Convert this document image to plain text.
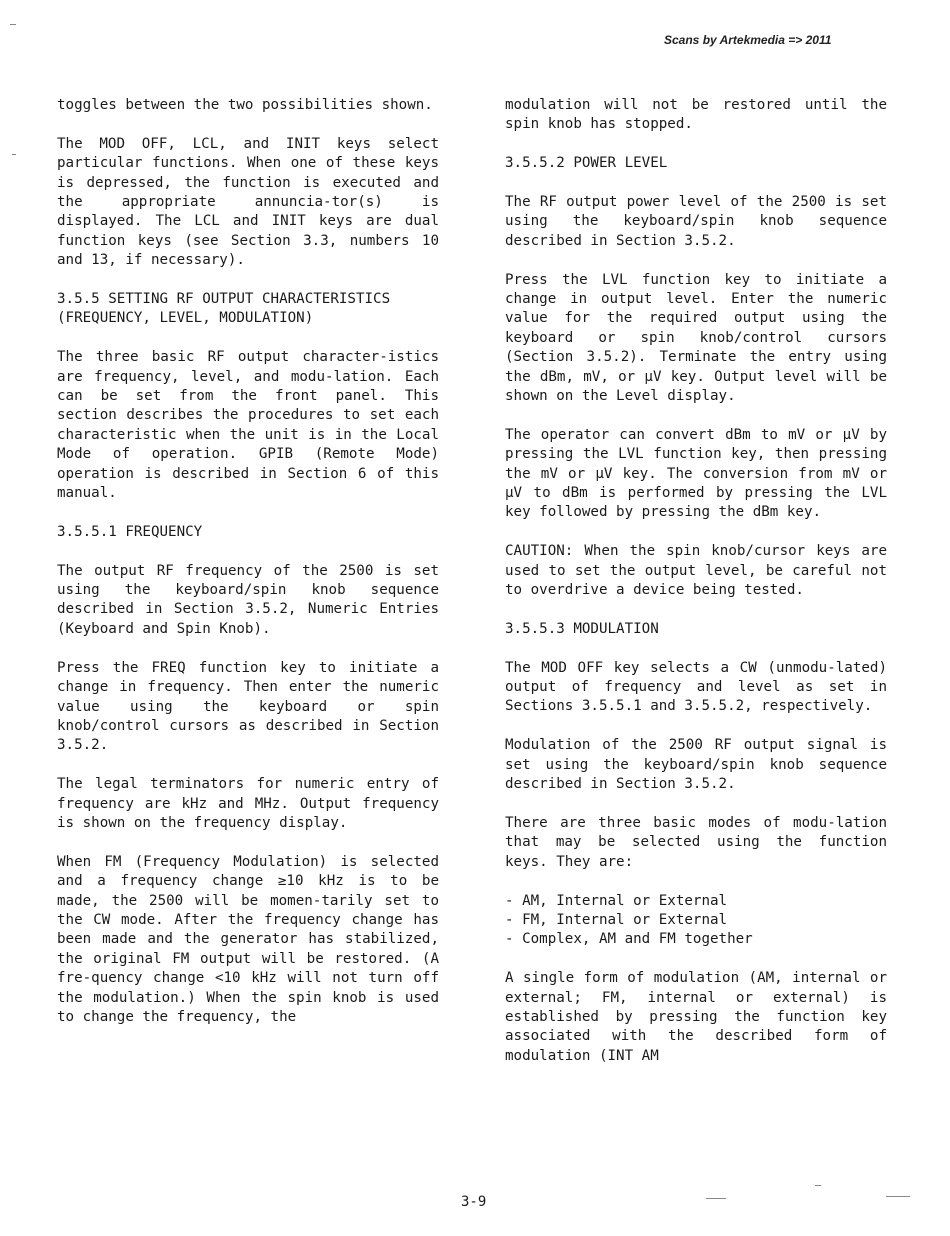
Scans by Artekmedia => 2011

toggles between the two possibilities shown.

The MOD OFF, LCL, and INIT keys select particular functions. When one of these keys is depressed, the function is executed and the appropriate annuncia-tor(s) is displayed. The LCL and INIT keys are dual function keys (see Section 3.3, numbers 10 and 13, if necessary).

3.5.5 SETTING RF OUTPUT CHARACTERISTICS
(FREQUENCY, LEVEL, MODULATION)

The three basic RF output character-istics are frequency, level, and modu-lation. Each can be set from the front panel. This section describes the procedures to set each characteristic when the unit is in the Local Mode of operation. GPIB (Remote Mode) operation is described in Section 6 of this manual.

3.5.5.1 FREQUENCY

The output RF frequency of the 2500 is set using the keyboard/spin knob sequence described in Section 3.5.2, Numeric Entries (Keyboard and Spin Knob).

Press the FREQ function key to initiate a change in frequency. Then enter the numeric value using the keyboard or spin knob/control cursors as described in Section 3.5.2.

The legal terminators for numeric entry of frequency are kHz and MHz. Output frequency is shown on the frequency display.

When FM (Frequency Modulation) is selected and a frequency change ≥10 kHz is to be made, the 2500 will be momen-tarily set to the CW mode. After the frequency change has been made and the generator has stabilized, the original FM output will be restored. (A fre-quency change <10 kHz will not turn off the modulation.) When the spin knob is used to change the frequency, the

modulation will not be restored until the spin knob has stopped.

3.5.5.2 POWER LEVEL

The RF output power level of the 2500 is set using the keyboard/spin knob sequence described in Section 3.5.2.

Press the LVL function key to initiate a change in output level. Enter the numeric value for the required output using the keyboard or spin knob/control cursors (Section 3.5.2). Terminate the entry using the dBm, mV, or μV key. Output level will be shown on the Level display.

The operator can convert dBm to mV or μV by pressing the LVL function key, then pressing the mV or μV key. The conversion from mV or μV to dBm is performed by pressing the LVL key followed by pressing the dBm key.

CAUTION: When the spin knob/cursor keys are used to set the output level, be careful not to overdrive a device being tested.

3.5.5.3 MODULATION

The MOD OFF key selects a CW (unmodu-lated) output of frequency and level as set in Sections 3.5.5.1 and 3.5.5.2, respectively.

Modulation of the 2500 RF output signal is set using the keyboard/spin knob sequence described in Section 3.5.2.

There are three basic modes of modu-lation that may be selected using the function keys. They are:

- AM, Internal or External
- FM, Internal or External
- Complex, AM and FM together

A single form of modulation (AM, internal or external; FM, internal or external) is established by pressing the function key associated with the described form of modulation (INT AM

3-9
